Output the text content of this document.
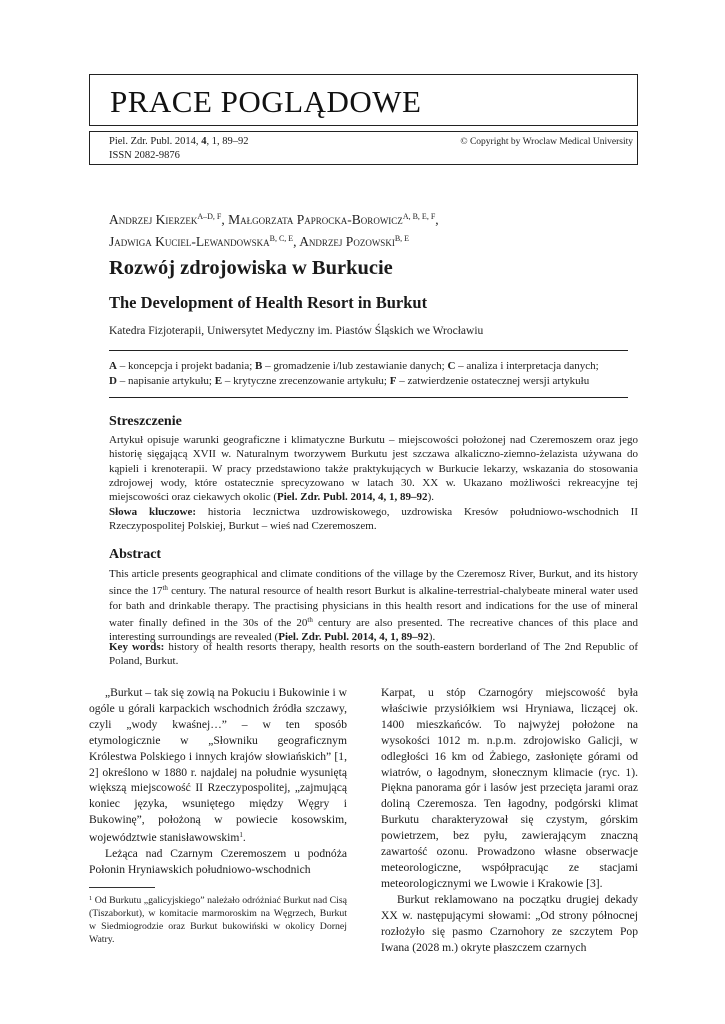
PRACE POGLĄDOWE
Piel. Zdr. Publ. 2014, 4, 1, 89–92
ISSN 2082-9876
© Copyright by Wroclaw Medical University
Andrzej Kierzek$^{A-D, F}$, Małgorzata Paprocka-Borowicz$^{A, B, E, F}$,
Jadwiga Kuciel-Lewandowska$^{B, C, E}$, Andrzej Pozowski$^{B, E}$
Rozwój zdrojowiska w Burkucie
The Development of Health Resort in Burkut
Katedra Fizjoterapii, Uniwersytet Medyczny im. Piastów Śląskich we Wrocławiu
A – koncepcja i projekt badania; B – gromadzenie i/lub zestawianie danych; C – analiza i interpretacja danych;
D – napisanie artykułu; E – krytyczne zrecenzowanie artykułu; F – zatwierdzenie ostatecznej wersji artykułu
Streszczenie
Artykuł opisuje warunki geograficzne i klimatyczne Burkutu – miejscowości położonej nad Czeremoszem oraz jego historię sięgającą XVII w. Naturalnym tworzywem Burkutu jest szczawa alkaliczno-ziemno-żelazista używana do kąpieli i krenoterapii. W pracy przedstawiono także praktykujących w Burkucie lekarzy, wskazania do stosowania zdrojowej wody, które ostatecznie sprecyzowano w latach 30. XX w. Ukazano możliwości rekreacyjne tej miejscowości oraz ciekawych okolic (Piel. Zdr. Publ. 2014, 4, 1, 89–92).
Słowa kluczowe: historia lecznictwa uzdrowiskowego, uzdrowiska Kresów południowo-wschodnich II Rzeczypospolitej Polskiej, Burkut – wieś nad Czeremoszem.
Abstract
This article presents geographical and climate conditions of the village by the Czeremosz River, Burkut, and its history since the 17th century. The natural resource of health resort Burkut is alkaline-terrestrial-chalybeate mineral water used for bath and drinkable therapy. The practising physicians in this health resort and indications for the use of mineral water finally defined in the 30s of the 20th century are also presented. The recreative chances of this place and interesting surroundings are revealed (Piel. Zdr. Publ. 2014, 4, 1, 89–92).
Key words: history of health resorts therapy, health resorts on the south-eastern borderland of The 2nd Republic of Poland, Burkut.

„Burkut – tak się zowią na Pokuciu i Bukowinie i w ogóle u górali karpackich wschodnich źródła szczawy, czyli „wody kwaśnej…” – w ten sposób etymologicznie w „Słowniku geograficznym Królestwa Polskiego i innych krajów słowiańskich” [1, 2] określono w 1880 r. najdalej na południe wysuniętą większą miejscowość II Rzeczypospolitej, „zajmującą koniec języka, wsuniętego między Węgry i Bukowinę”, położoną w powiecie kosowskim, województwie stanisławowskim$^1$.

Leżąca nad Czarnym Czeremoszem u podnóża Połonin Hryniawskich południowo-wschodnich

Karpat, u stóp Czarnogóry miejscowość była właściwie przysiółkiem wsi Hryniawa, liczącej ok. 1400 mieszkańców. To najwyżej położone na wysokości 1012 m. n.p.m. zdrojowisko Galicji, w odległości 16 km od Żabiego, zasłonięte górami od wiatrów, o łagodnym, słonecznym klimacie (ryc. 1). Piękna panorama gór i lasów jest przecięta jarami oraz doliną Czeremosza. Ten łagodny, podgórski klimat Burkutu charakteryzował się czystym, górskim powietrzem, bez pyłu, zawierającym znaczną zawartość ozonu. Prowadzono własne obserwacje meteorologiczne, współpracując ze stacjami meteorologicznymi we Lwowie i Krakowie [3].

Burkut reklamowano na początku drugiej dekady XX w. następującymi słowami: „Od strony północnej rozłożyło się pasmo Czarnohory ze szczytem Pop Iwana (2028 m.) okryte płaszczem czarnych

$^1$ Od Burkutu „galicyjskiego” należało odróżniać Burkut nad Cisą (Tiszaborkut), w komitacie marmoroskim na Węgrzech, Burkut w Siedmiogrodzie oraz Burkut bukowiński w okolicy Dornej Watry.
